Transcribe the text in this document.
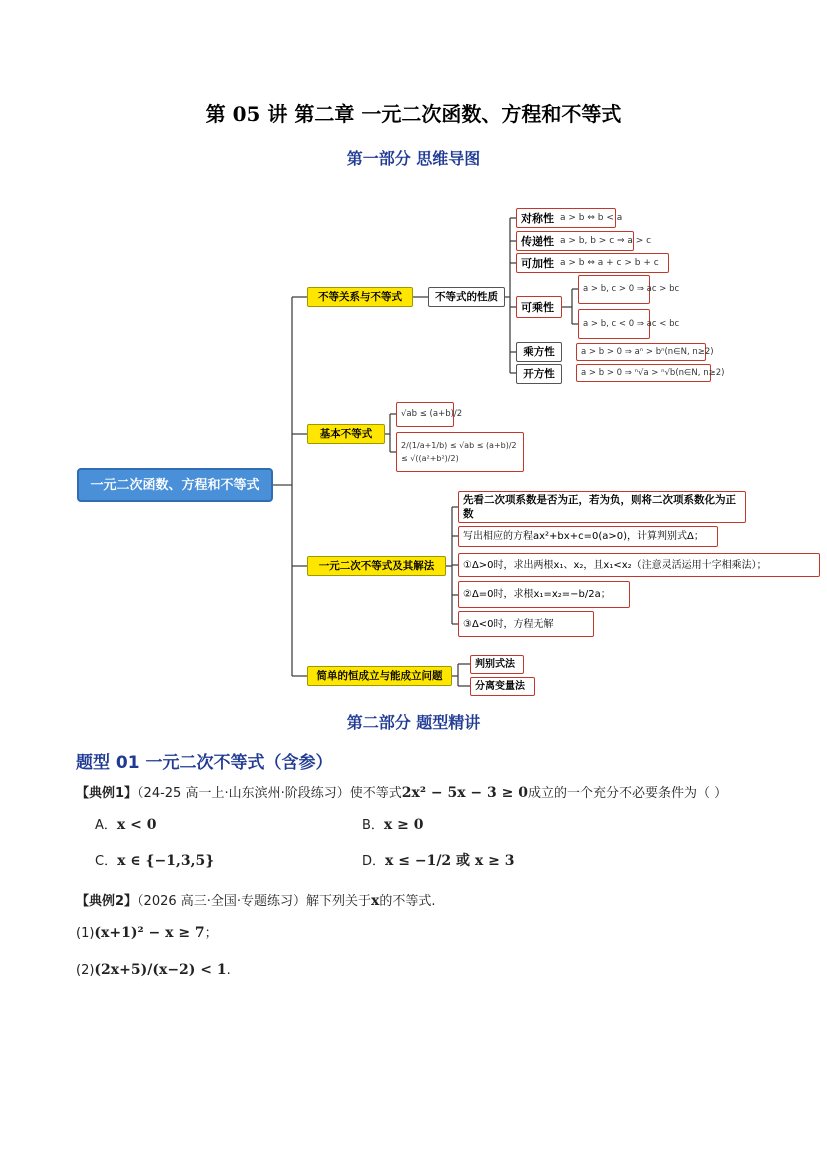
第 05 讲 第二章 一元二次函数、方程和不等式
第一部分 思维导图
一元二次函数、方程和不等式
不等关系与不等式	不等式的性质
对称性 a > b ⇔ b < a
传递性 a > b, b > c ⇒ a > c
可加性 a > b ⇔ a + c > b + c
可乘性
a > b, c > 0 ⇒ ac > bc
a > b, c < 0 ⇒ ac < bc
乘方性	a > b > 0 ⇒ aⁿ > bⁿ(n∈N, n≥2)
开方性	a > b > 0 ⇒ ⁿ√a > ⁿ√b(n∈N, n≥2)
基本不等式
√ab ≤ (a+b)/2
2/(1/a+1/b) ≤ √ab ≤ (a+b)/2 ≤ √((a²+b²)/2)
一元二次不等式及其解法
先看二次项系数是否为正，若为负，则将二次项系数化为正数
写出相应的方程ax²+bx+c=0(a>0)，计算判别式Δ；
①Δ>0时，求出两根x₁、x₂，且x₁<x₂（注意灵活运用十字相乘法）；
②Δ=0时，求根x₁=x₂=−b/2a；
③Δ<0时，方程无解
简单的恒成立与能成立问题
判别式法
分离变量法
第二部分 题型精讲
题型 01 一元二次不等式（含参）
【典例1】（24-25 高一上·山东滨州·阶段练习）使不等式2x² − 5x − 3 ≥ 0成立的一个充分不必要条件为（ ）
A．x < 0	B．x ≥ 0
C．x ∈ {−1,3,5}	D．x ≤ −1/2 或 x ≥ 3
【典例2】（2026 高三·全国·专题练习）解下列关于x的不等式.
(1)(x+1)² − x ≥ 7；
(2)(2x+5)/(x−2) < 1.
